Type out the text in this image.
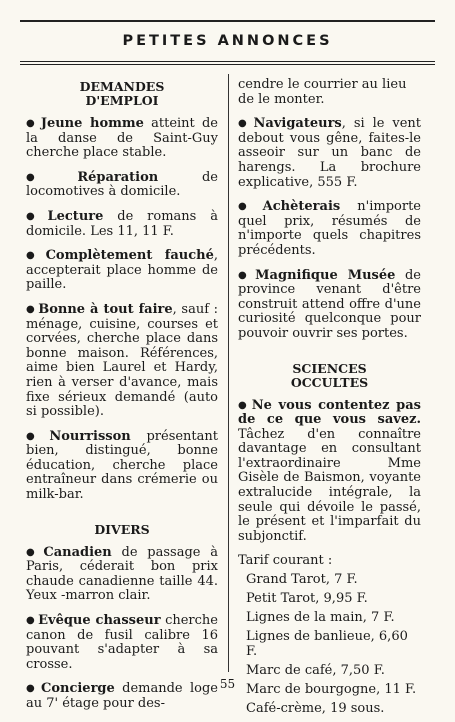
PETITES ANNONCES
DEMANDES D'EMPLOI
● Jeune homme atteint de la danse de Saint-Guy cherche place stable.
● Réparation de locomotives à domicile.
● Lecture de romans à domicile. Les 11, 11 F.
● Complètement fauché, accepterait place homme de paille.
● Bonne à tout faire, sauf : ménage, cuisine, courses et corvées, cherche place dans bonne maison. Références, aime bien Laurel et Hardy, rien à verser d'avance, mais fixe sérieux demandé (auto si possible).
● Nourrisson présentant bien, distingué, bonne éducation, cherche place entraîneur dans crémerie ou milk-bar.
DIVERS
● Canadien de passage à Paris, céderait bon prix chaude canadienne taille 44. Yeux -marron clair.
● Evêque chasseur cherche canon de fusil calibre 16 pouvant s'adapter à sa crosse.
● Concierge demande loge au 7' étage pour des-
cendre le courrier au lieu de le monter.
● Navigateurs, si le vent debout vous gêne, faites-le asseoir sur un banc de harengs. La brochure explicative, 555 F.
● Achèterais n'importe quel prix, résumés de n'importe quels chapitres précédents.
● Magnifique Musée de province venant d'être construit attend offre d'une curiosité quelconque pour pouvoir ouvrir ses portes.
SCIENCES OCCULTES
● Ne vous contentez pas de ce que vous savez. Tâchez d'en connaître davantage en consultant l'extraordinaire Mme Gisèle de Baismon, voyante extralucide intégrale, la seule qui dévoile le passé, le présent et l'imparfait du subjonctif.
Tarif courant :
Grand Tarot, 7 F.
Petit Tarot, 9,95 F.
Lignes de la main, 7 F.
Lignes de banlieue, 6,60 F.
Marc de café, 7,50 F.
Marc de bourgogne, 11 F.
Café-crème, 19 sous.
55
